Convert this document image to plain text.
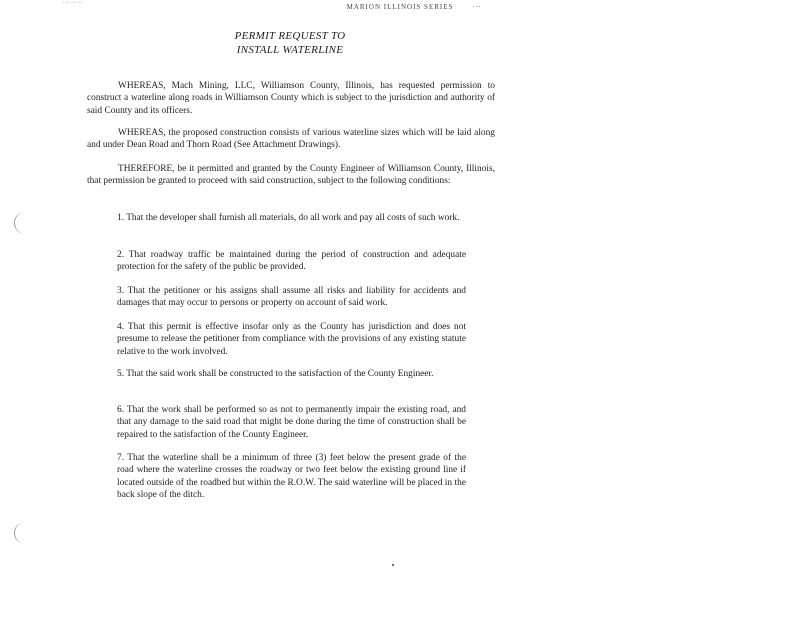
· ·· ··· ··	MARION ILLINOIS SERIES	· ··
PERMIT REQUEST TO
INSTALL WATERLINE
WHEREAS, Mach Mining, LLC, Williamson County, Illinois, has requested permission to construct a waterline along roads in Williamson County which is subject to the jurisdiction and authority of said County and its officers.
WHEREAS, the proposed construction consists of various waterline sizes which will be laid along and under Dean Road and Thorn Road (See Attachment Drawings).
THEREFORE, be it permitted and granted by the County Engineer of Williamson County, Illinois, that permission be granted to proceed with said construction, subject to the following conditions:
1. That the developer shall furnish all materials, do all work and pay all costs of such work.
2. That roadway traffic be maintained during the period of construction and adequate protection for the safety of the public be provided.
3. That the petitioner or his assigns shall assume all risks and liability for accidents and damages that may occur to persons or property on account of said work.
4. That this permit is effective insofar only as the County has jurisdiction and does not presume to release the petitioner from compliance with the provisions of any existing statute relative to the work involved.
5. That the said work shall be constructed to the satisfaction of the County Engineer.
6. That the work shall be performed so as not to permanently impair the existing road, and that any damage to the said road that might be done during the time of construction shall be repaired to the satisfaction of the County Engineer.
7. That the waterline shall be a minimum of three (3) feet below the present grade of the road where the waterline crosses the roadway or two feet below the existing ground line if located outside of the roadbed but within the R.O.W. The said waterline will be placed in the back slope of the ditch.
